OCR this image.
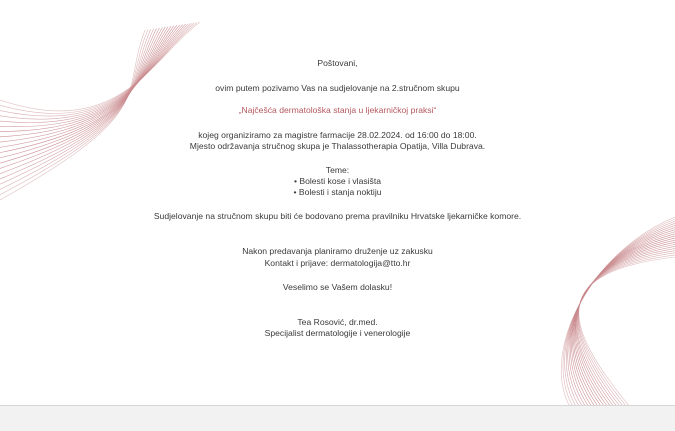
Poštovani,
ovim putem pozivamo Vas na sudjelovanje na 2.stručnom skupu
„Najčešća dermatološka stanja u ljekarničkoj praksi“
kojeg organiziramo za magistre farmacije 28.02.2024. od 16:00 do 18:00.
Mjesto održavanja stručnog skupa je Thalassotherapia Opatija, Villa Dubrava.
Teme:
• Bolesti kose i vlasišta
• Bolesti i stanja noktiju
Sudjelovanje na stručnom skupu biti će bodovano prema pravilniku Hrvatske ljekarničke komore.
Nakon predavanja planiramo druženje uz zakusku
Kontakt i prijave: dermatologija@tto.hr
Veselimo se Vašem dolasku!
Tea Rosović, dr.med.
Specijalist dermatologije i venerologije
